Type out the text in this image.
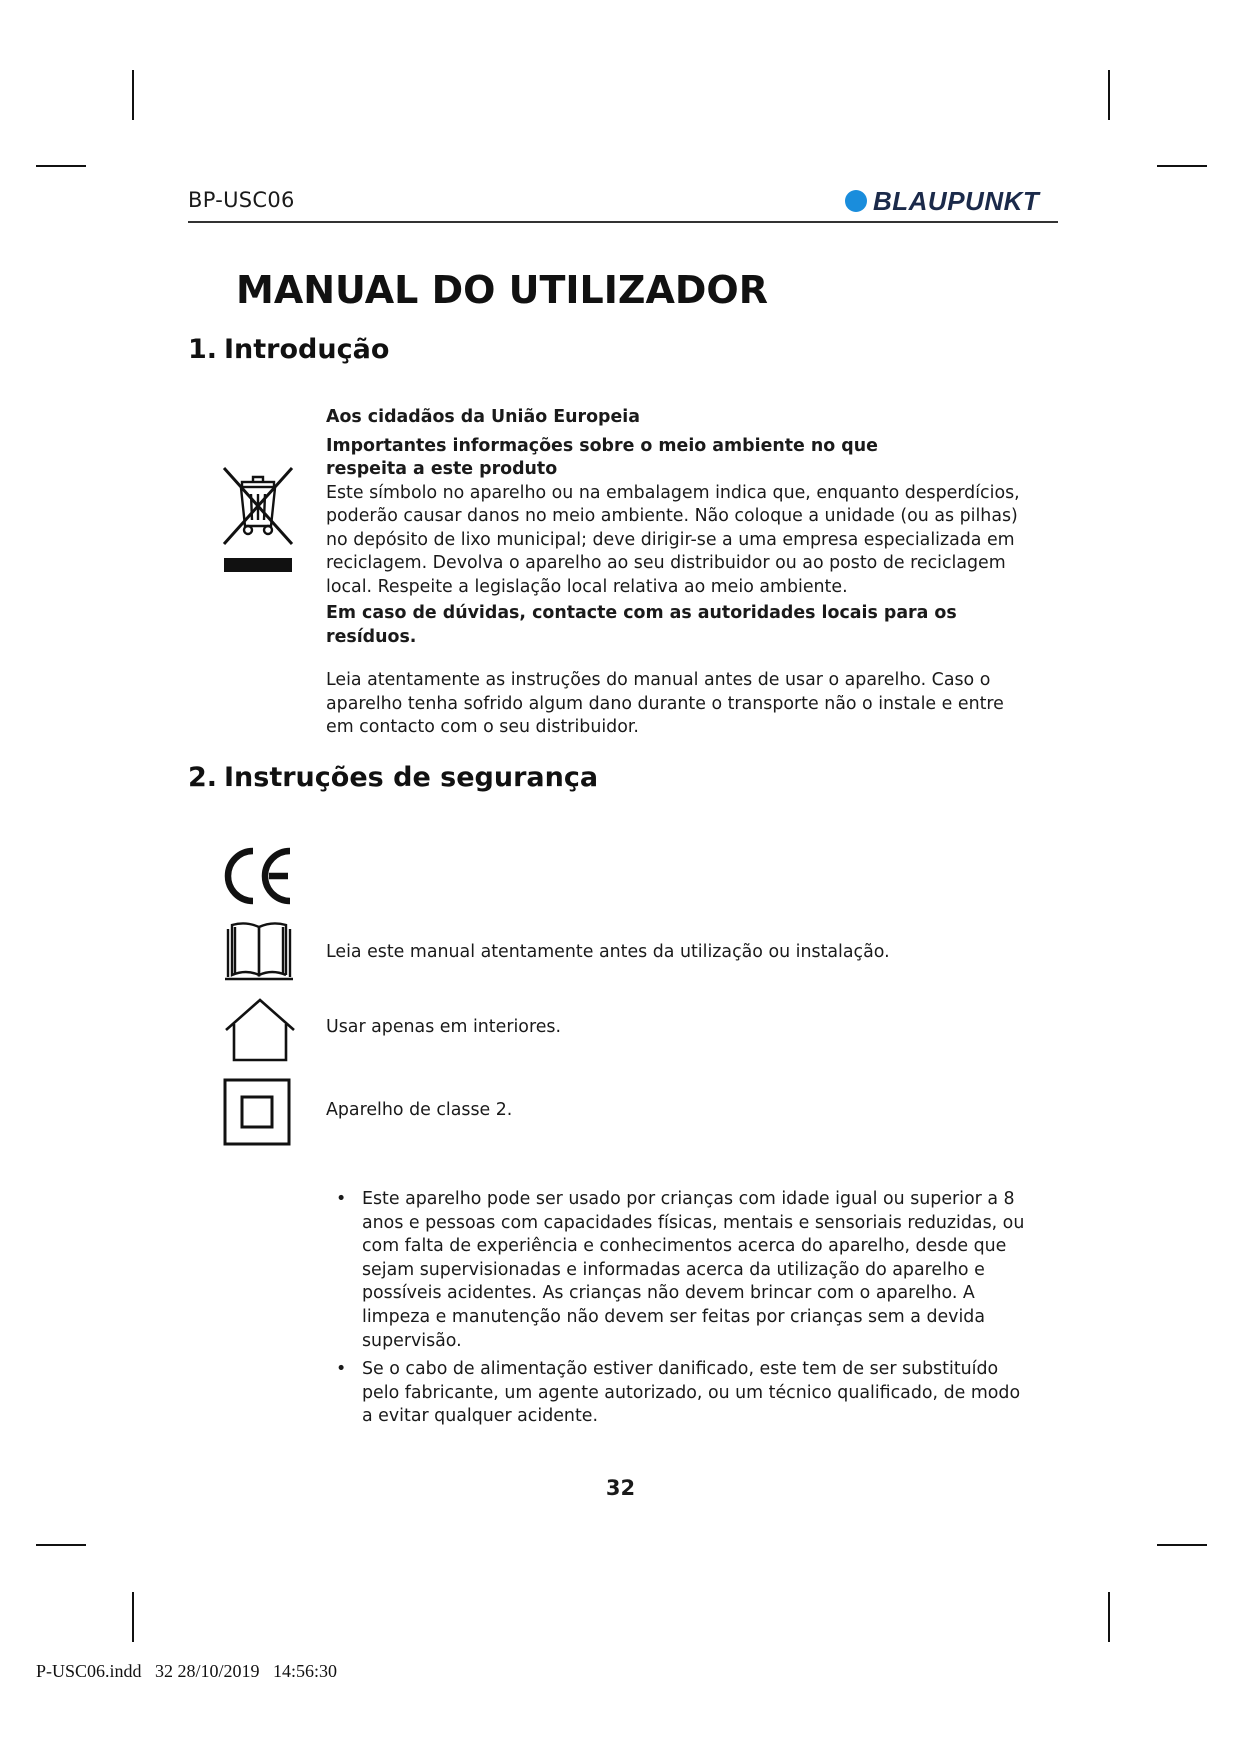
BP-USC06	BLAUPUNKT
MANUAL DO UTILIZADOR
1. Introdução
Aos cidadãos da União Europeia
Importantes informações sobre o meio ambiente no que respeita a este produto
Este símbolo no aparelho ou na embalagem indica que, enquanto desperdícios, poderão causar danos no meio ambiente. Não coloque a unidade (ou as pilhas) no depósito de lixo municipal; deve dirigir-se a uma empresa especializada em reciclagem. Devolva o aparelho ao seu distribuidor ou ao posto de reciclagem local. Respeite a legislação local relativa ao meio ambiente.
Em caso de dúvidas, contacte com as autoridades locais para os resíduos.
Leia atentamente as instruções do manual antes de usar o aparelho. Caso o aparelho tenha sofrido algum dano durante o transporte não o instale e entre em contacto com o seu distribuidor.
2. Instruções de segurança
Leia este manual atentamente antes da utilização ou instalação.
Usar apenas em interiores.
Aparelho de classe 2.
• Este aparelho pode ser usado por crianças com idade igual ou superior a 8 anos e pessoas com capacidades físicas, mentais e sensoriais reduzidas, ou com falta de experiência e conhecimentos acerca do aparelho, desde que sejam supervisionadas e informadas acerca da utilização do aparelho e possíveis acidentes. As crianças não devem brincar com o aparelho. A limpeza e manutenção não devem ser feitas por crianças sem a devida supervisão.
• Se o cabo de alimentação estiver danificado, este tem de ser substituído pelo fabricante, um agente autorizado, ou um técnico qualificado, de modo a evitar qualquer acidente.
32
P-USC06.indd   32 28/10/2019   14:56:30
